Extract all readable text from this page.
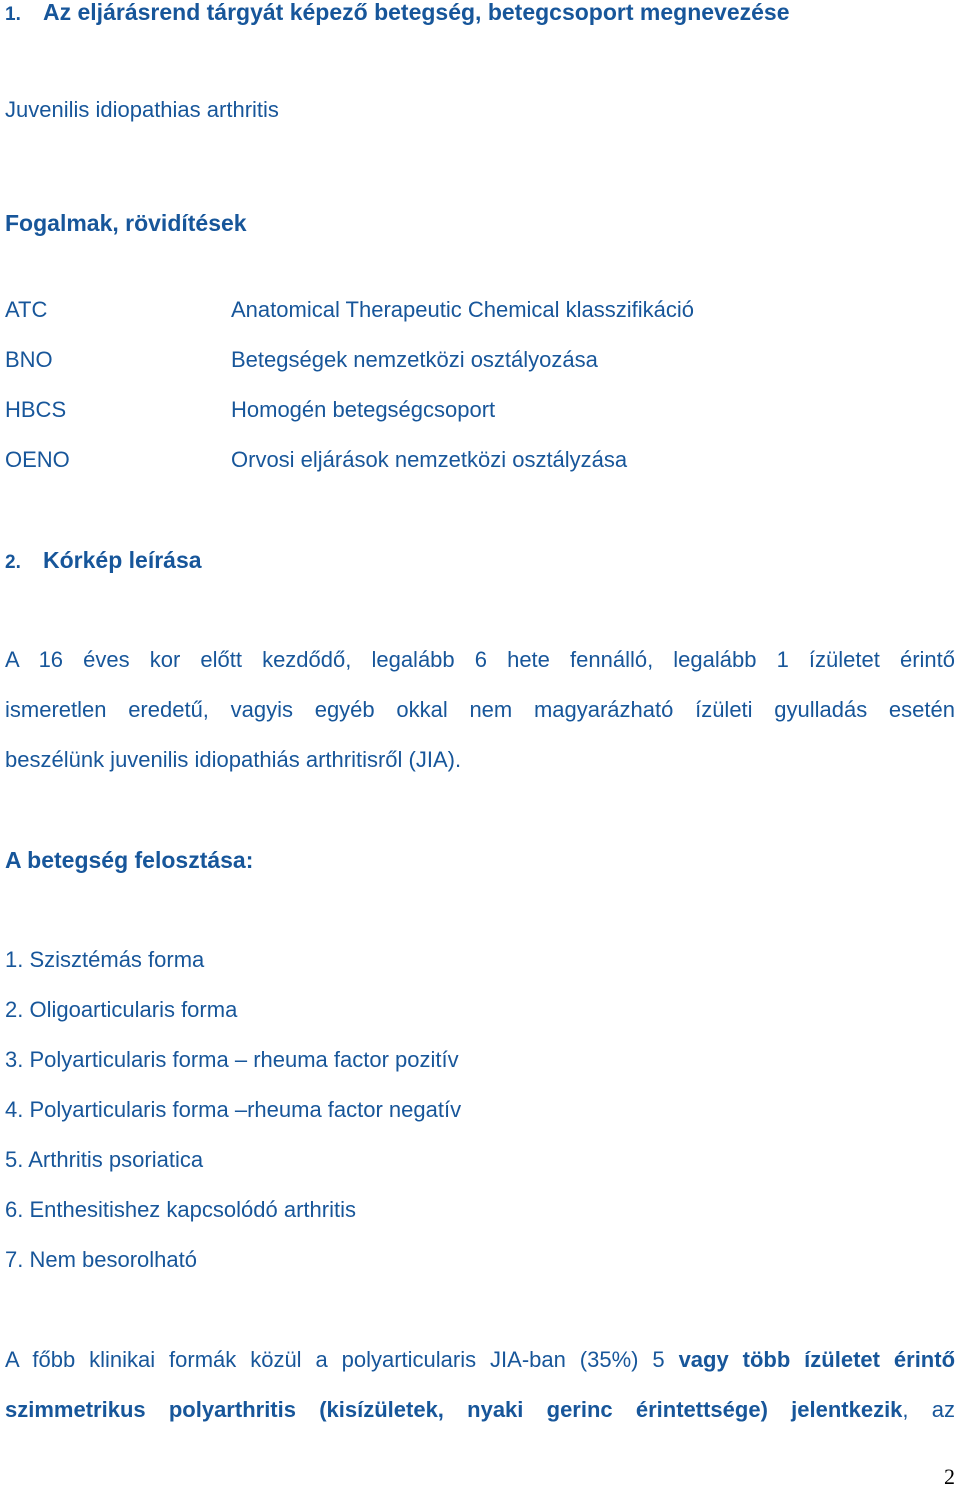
1. Az eljárásrend tárgyát képező betegség, betegcsoport megnevezése
Juvenilis idiopathias arthritis
Fogalmak, rövidítések
ATC	Anatomical Therapeutic Chemical klasszifikáció
BNO	Betegségek nemzetközi osztályozása
HBCS	Homogén betegségcsoport
OENO	Orvosi eljárások nemzetközi osztályzása
2. Kórkép leírása
A 16 éves kor előtt kezdődő, legalább 6 hete fennálló, legalább 1 ízületet érintő
ismeretlen eredetű, vagyis egyéb okkal nem magyarázható ízületi gyulladás esetén
beszélünk juvenilis idiopathiás arthritisről (JIA).
A betegség felosztása:
1. Szisztémás forma
2. Oligoarticularis forma
3. Polyarticularis forma – rheuma factor pozitív
4. Polyarticularis forma –rheuma factor negatív
5. Arthritis psoriatica
6. Enthesitishez kapcsolódó arthritis
7. Nem besorolható
A főbb klinikai formák közül a polyarticularis JIA-ban (35%) 5 vagy több ízületet érintő
szimmetrikus polyarthritis (kisízületek, nyaki gerinc érintettsége) jelentkezik, az
2
